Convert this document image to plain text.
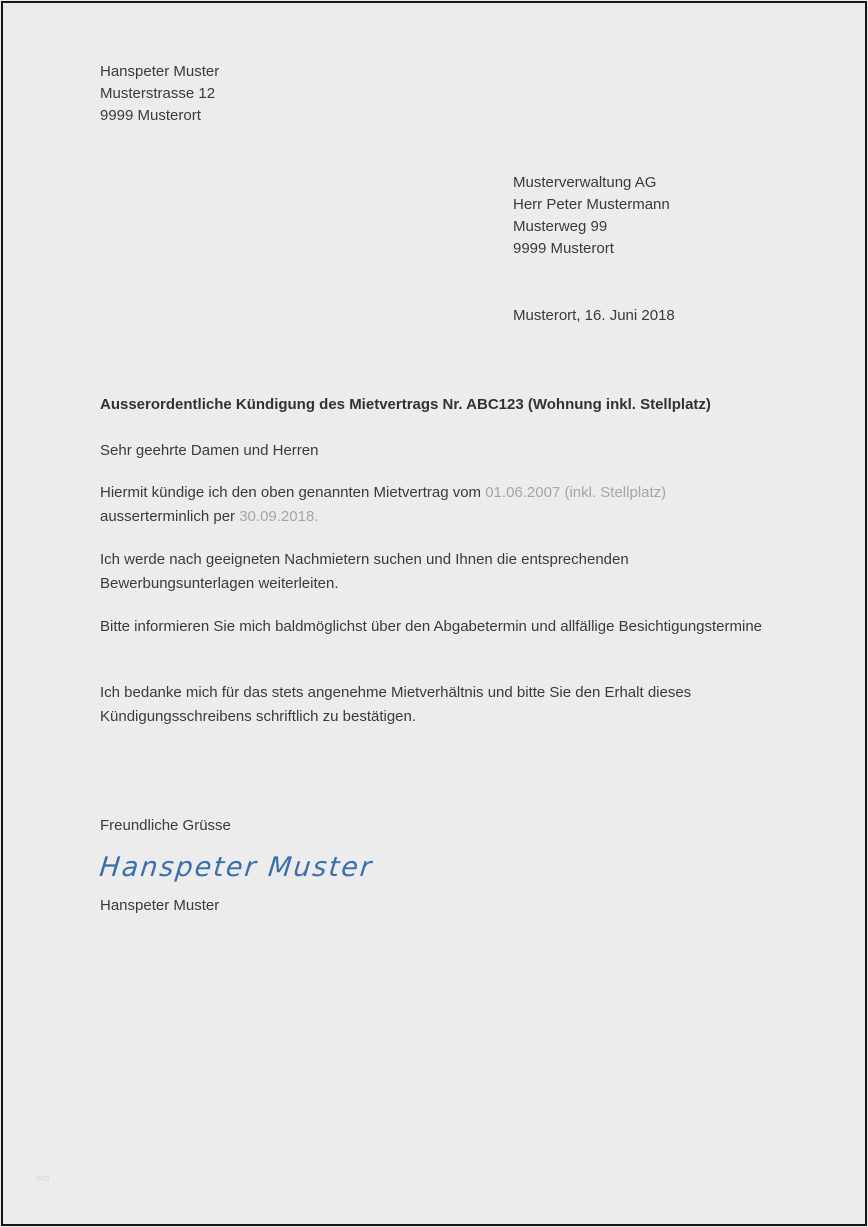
Hanspeter Muster
Musterstrasse 12
9999 Musterort
Musterverwaltung AG
Herr Peter Mustermann
Musterweg 99
9999 Musterort
Musterort, 16. Juni 2018
Ausserordentliche Kündigung des Mietvertrags Nr. ABC123 (Wohnung inkl. Stellplatz)
Sehr geehrte Damen und Herren
Hiermit kündige ich den oben genannten Mietvertrag vom 01.06.2007 (inkl. Stellplatz) ausserterminlich per 30.09.2018.
Ich werde nach geeigneten Nachmietern suchen und Ihnen die entsprechenden Bewerbungsunterlagen weiterleiten.
Bitte informieren Sie mich baldmöglichst über den Abgabetermin und allfällige Besichtigungstermine
Ich bedanke mich für das stets angenehme Mietverhältnis und bitte Sie den Erhalt dieses Kündigungsschreibens schriftlich zu bestätigen.
Freundliche Grüsse
Hanspeter Muster
Hanspeter Muster
btb
